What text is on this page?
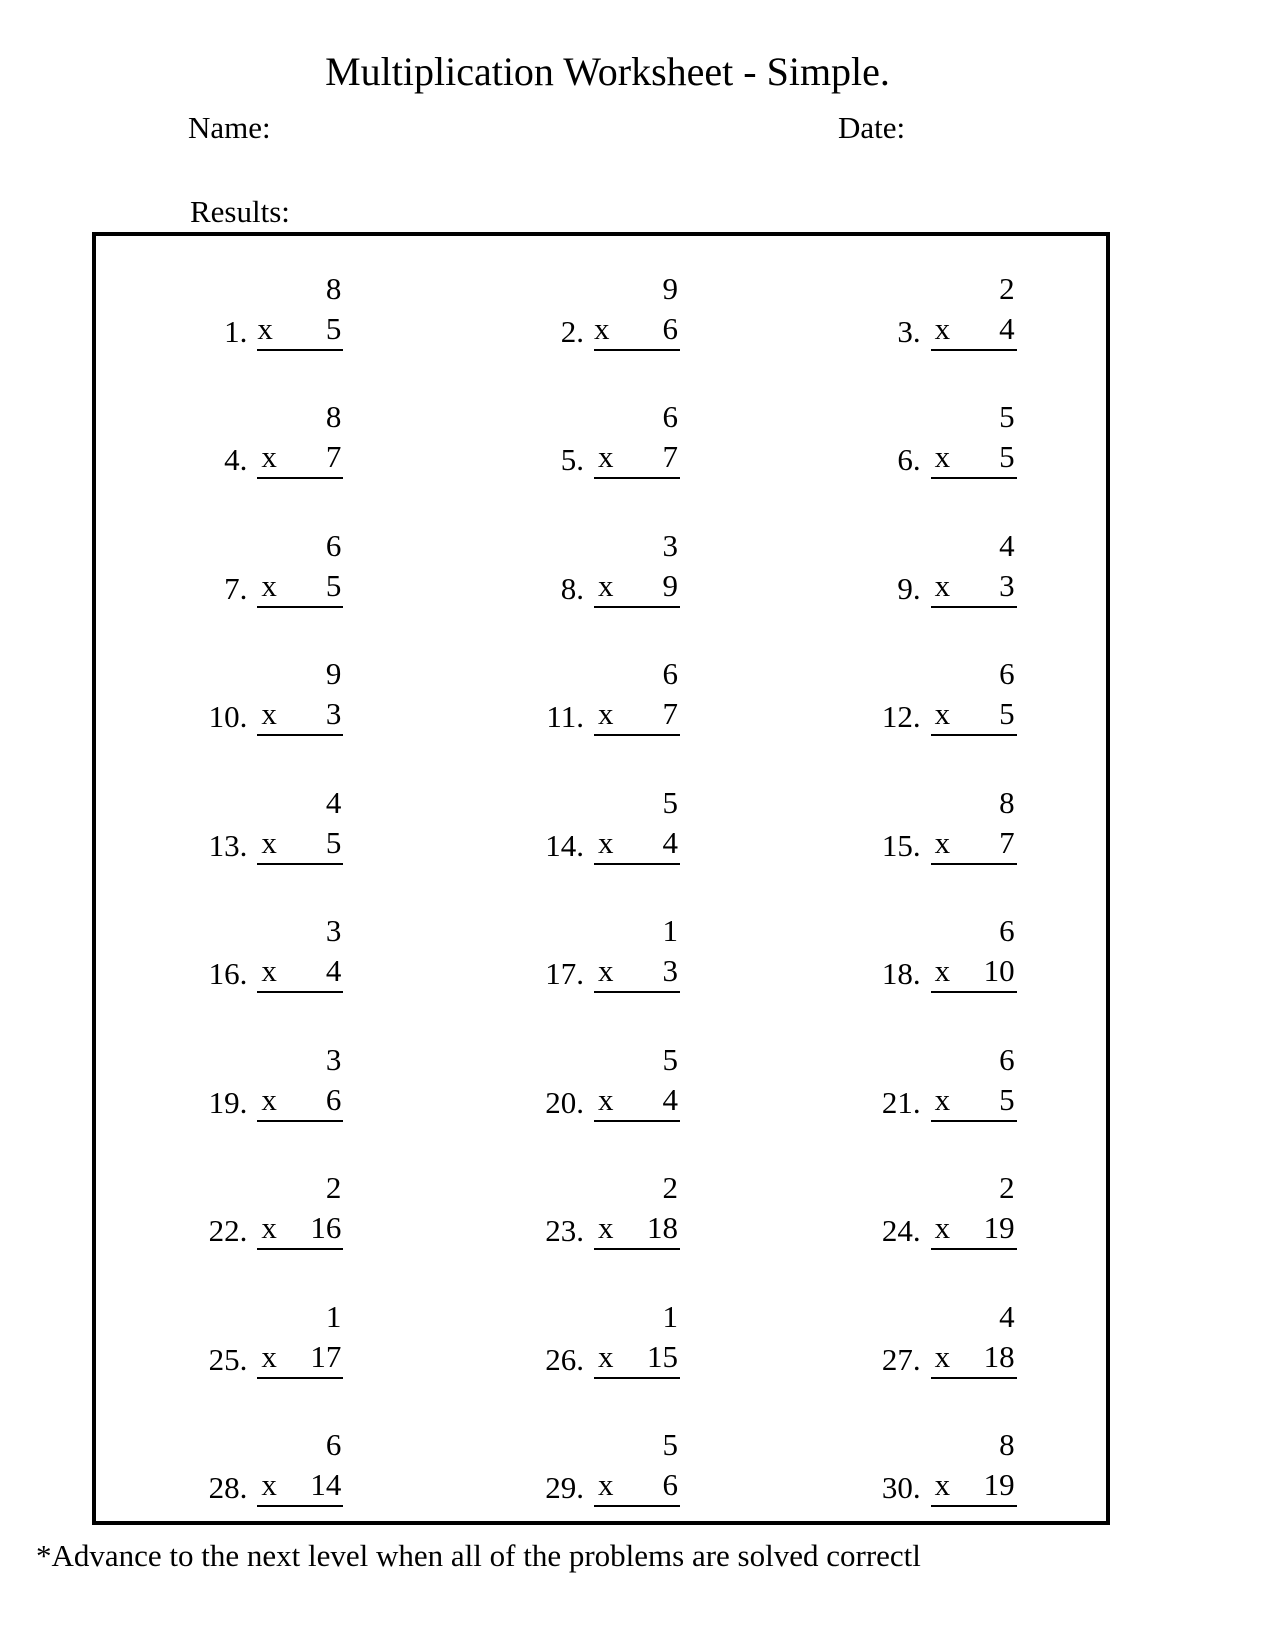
Multiplication Worksheet - Simple.
Name:	Date:
Results:
1.
8
x 5	2.
9
x 6	3.
2
x 4
4.
8
x 7	5.
6
x 7	6.
5
x 5
7.
6
x 5	8.
3
x 9	9.
4
x 3
10.
9
x 3	11.
6
x 7	12.
6
x 5
13.
4
x 5	14.
5
x 4	15.
8
x 7
16.
3
x 4	17.
1
x 3	18.
6
x 10
19.
3
x 6	20.
5
x 4	21.
6
x 5
22.
2
x 16	23.
2
x 18	24.
2
x 19
25.
1
x 17	26.
1
x 15	27.
4
x 18
28.
6
x 14	29.
5
x 6	30.
8
x 19
*Advance to the next level when all of the problems are solved correctl
